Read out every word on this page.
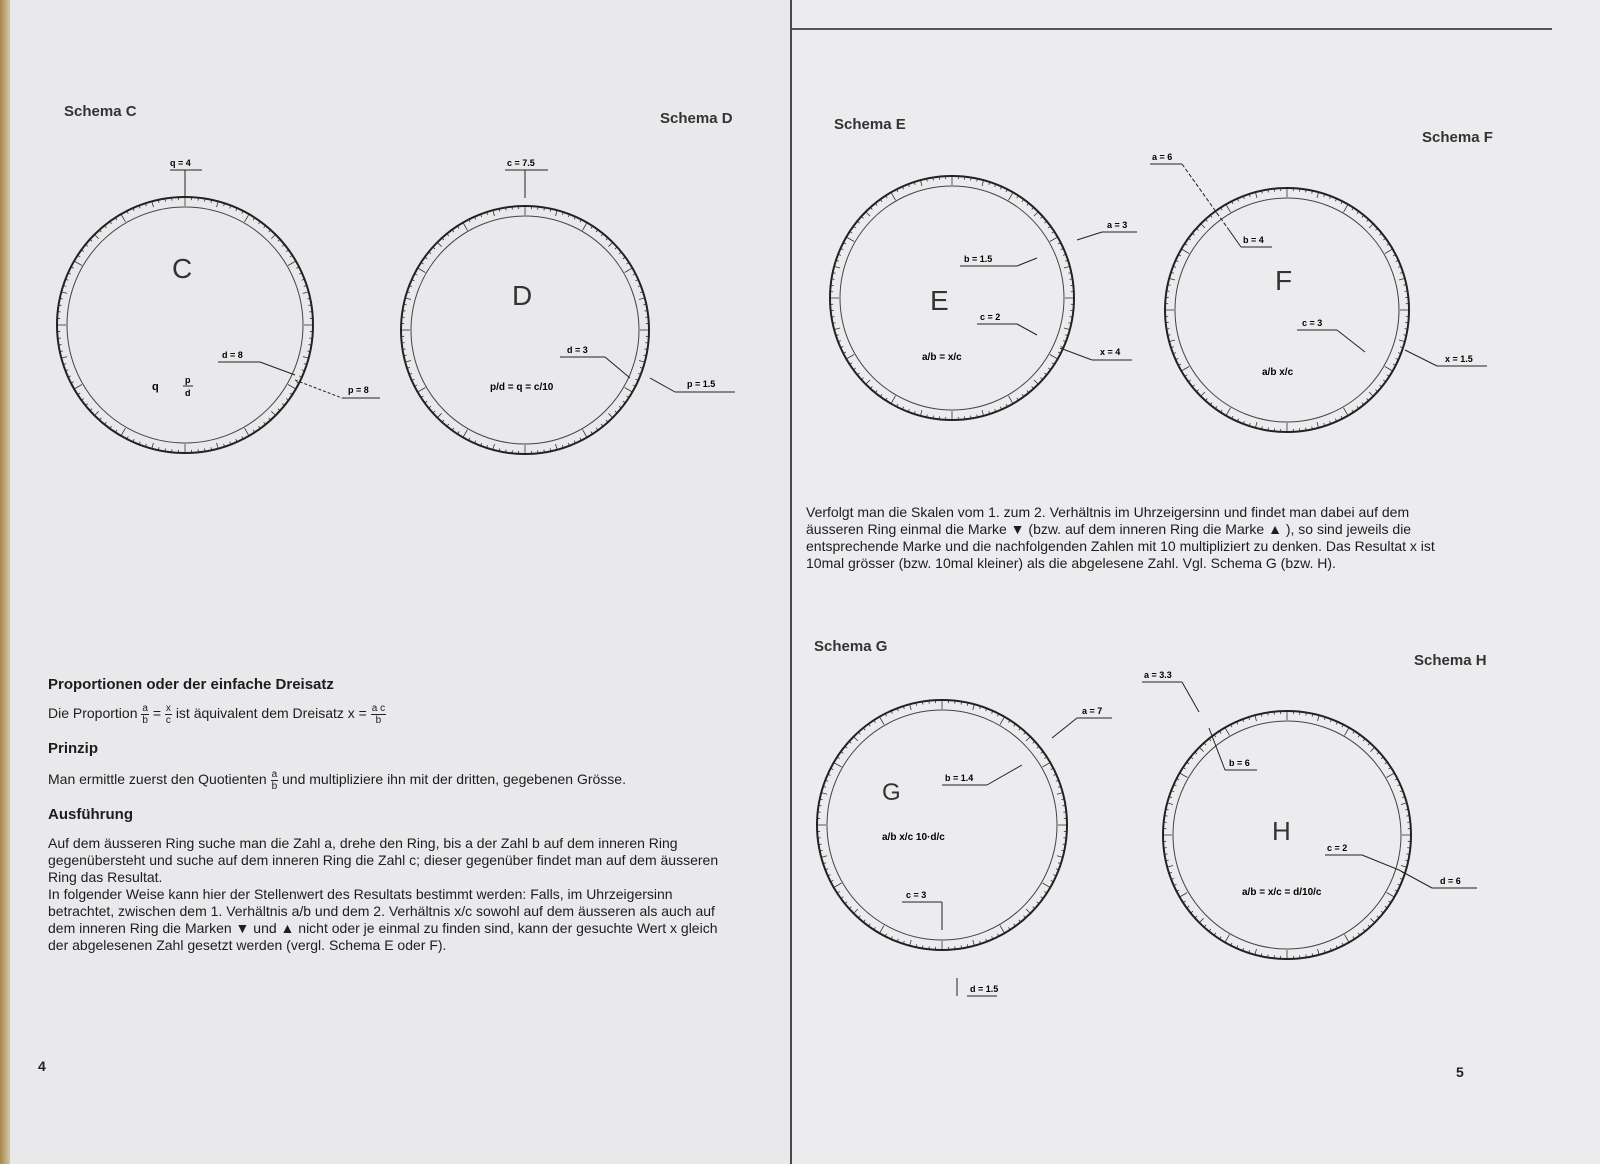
Schema C	Schema D
C
q = 4
d = 8
p = 8
q
p
d
D
c = 7.5
d = 3
p = 1.5
p/d = q = c/10

Proportionen oder der einfache Dreisatz

Die Proportion $\frac{a}{b} = \frac{x}{c}$ ist äquivalent dem Dreisatz $x = \frac{\text{a c}}{b}$

Prinzip

Man ermittle zuerst den Quotienten $\frac{a}{b}$ und multipliziere ihn mit der dritten, gegebenen Grösse.

Ausführung

Auf dem äusseren Ring suche man die Zahl a, drehe den Ring, bis a der Zahl b auf dem inneren Ring gegenübersteht und suche auf dem inneren Ring die Zahl c; dieser gegenüber findet man auf dem äusseren Ring das Resultat.

In folgender Weise kann hier der Stellenwert des Resultats bestimmt werden: Falls, im Uhrzeigersinn betrachtet, zwischen dem 1. Verhältnis a/b und dem 2. Verhältnis x/c sowohl auf dem äusseren als auch auf dem inneren Ring die Marken ▼ und ▲ nicht oder je einmal zu finden sind, kann der gesuchte Wert x gleich der abgelesenen Zahl gesetzt werden (vergl. Schema E oder F).

4
Schema E
Schema F
E
a = 3
b = 1.5
c = 2
x = 4
a/b = x/c
F
a = 6
b = 4
c = 3
x = 1.5
a/b x/c
Verfolgt man die Skalen vom 1. zum 2. Verhältnis im Uhrzeigersinn und findet man dabei auf dem äusseren Ring einmal die Marke ▼ (bzw. auf dem inneren Ring die Marke ▲ ), so sind jeweils die entsprechende Marke und die nachfolgenden Zahlen mit 10 multipliziert zu denken. Das Resultat x ist 10mal grösser (bzw. 10mal kleiner) als die abgelesene Zahl. Vgl. Schema G (bzw. H).
Schema G
Schema H
G
a = 7
b = 1.4
c = 3
d = 1.5
a/b x/c 10·d/c	H
a = 3.3
b = 6
c = 2
d = 6
a/b = x/c = d/10/c
5
